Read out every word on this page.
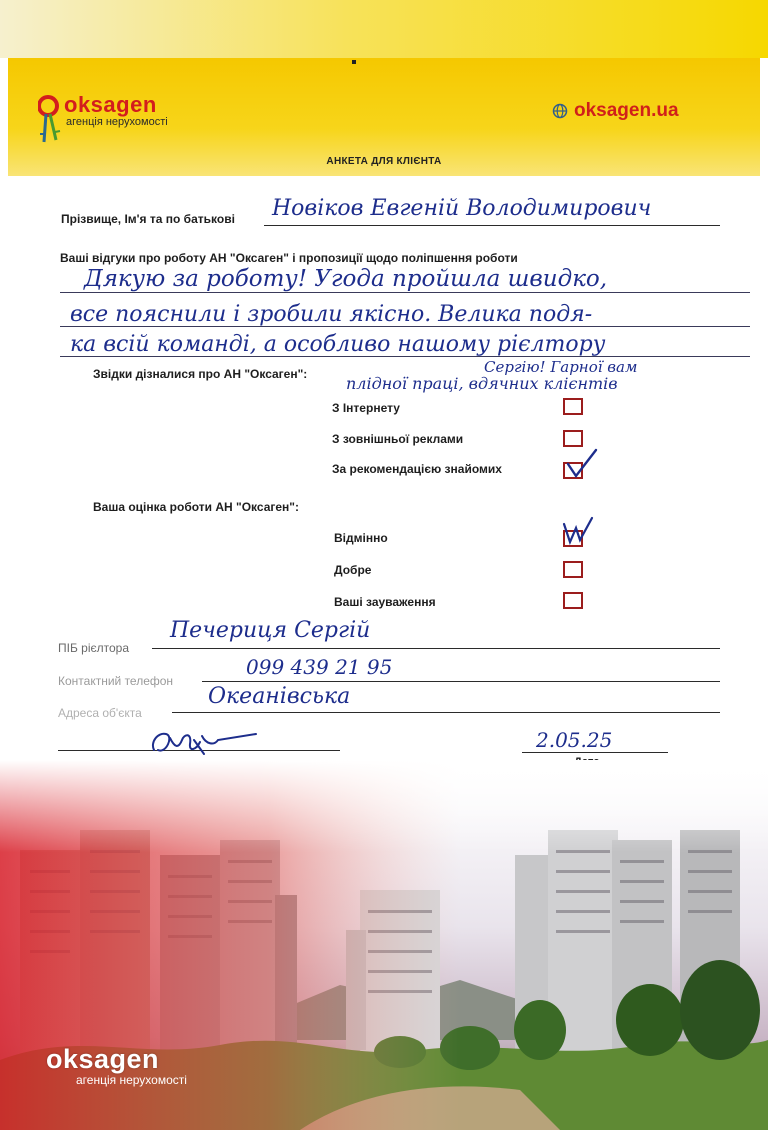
oksagen
агенція нерухомості
oksagen.ua
АНКЕТА ДЛЯ КЛІЄНТА
Прізвище, Ім'я та по батькові Новіков Евгеній Володимирович
Ваші відгуки про роботу АН "Оксаген" і пропозиції щодо поліпшення роботи
Дякую за роботу! Угода пройшла швидко,
все пояснили і зробили якісно. Велика подя-
ка всій команді, а особливо нашому рієлтору
Сергію! Гарної вам
плідної праці, вдячних клієнтів
Звідки дізналися про АН "Оксаген":
З Інтернету
З зовнішньої реклами
За рекомендацією знайомих
Ваша оцінка роботи АН "Оксаген":
Відмінно
Добре
Ваші зауваження
ПІБ рієлтора
Печериця Сергій
Контактний телефон
099 439 21 95
Адреса об'єкта
Океанівська
2.05.25
oksagen
агенція нерухомості
